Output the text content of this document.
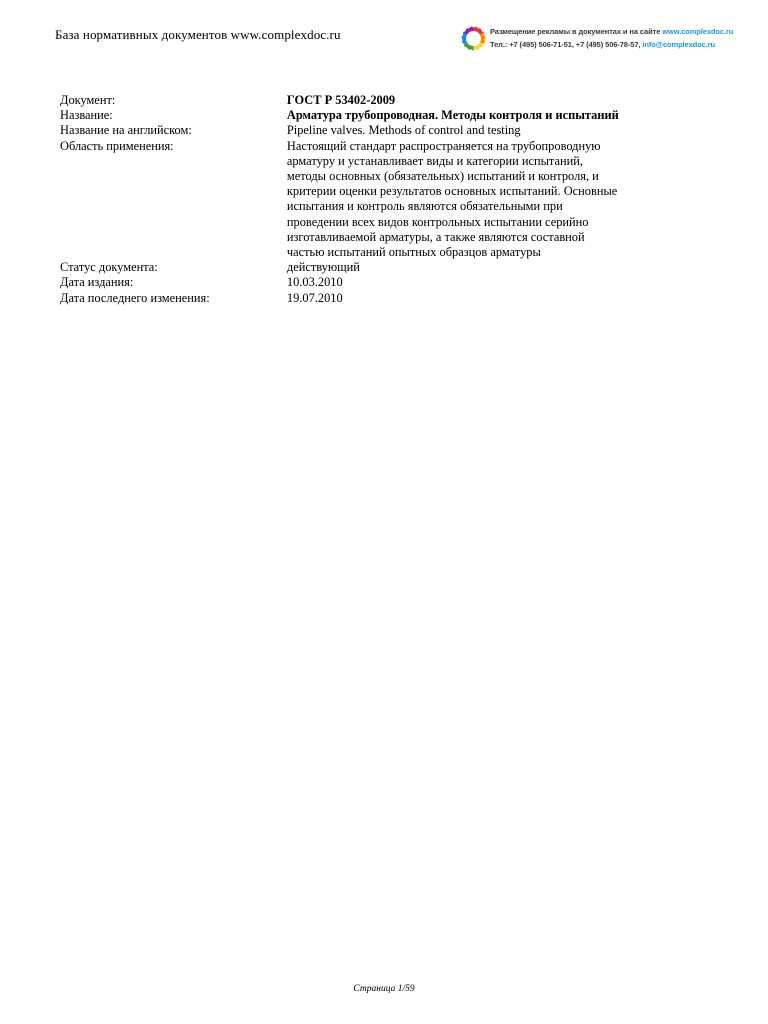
База нормативных документов www.complexdoc.ru	Размещение рекламы в документах и на сайте www.complexdoc.ru
Тел.: +7 (495) 506-71-51, +7 (495) 506-78-57, info@complexdoc.ru
Документ:	ГОСТ Р 53402-2009
Название:	Арматура трубопроводная. Методы контроля и испытаний
Название на английском:	Pipeline valves. Methods of control and testing
Область применения:	Настоящий стандарт распространяется на трубопроводную арматуру и устанавливает виды и категории испытаний, методы основных (обязательных) испытаний и контроля, и критерии оценки результатов основных испытаний. Основные испытания и контроль являются обязательными при проведении всех видов контрольных испытании серийно изготавливаемой арматуры, а также являются составной частью испытаний опытных образцов арматуры
Статус документа:	действующий
Дата издания:	10.03.2010
Дата последнего изменения:	19.07.2010
Страница 1/59
